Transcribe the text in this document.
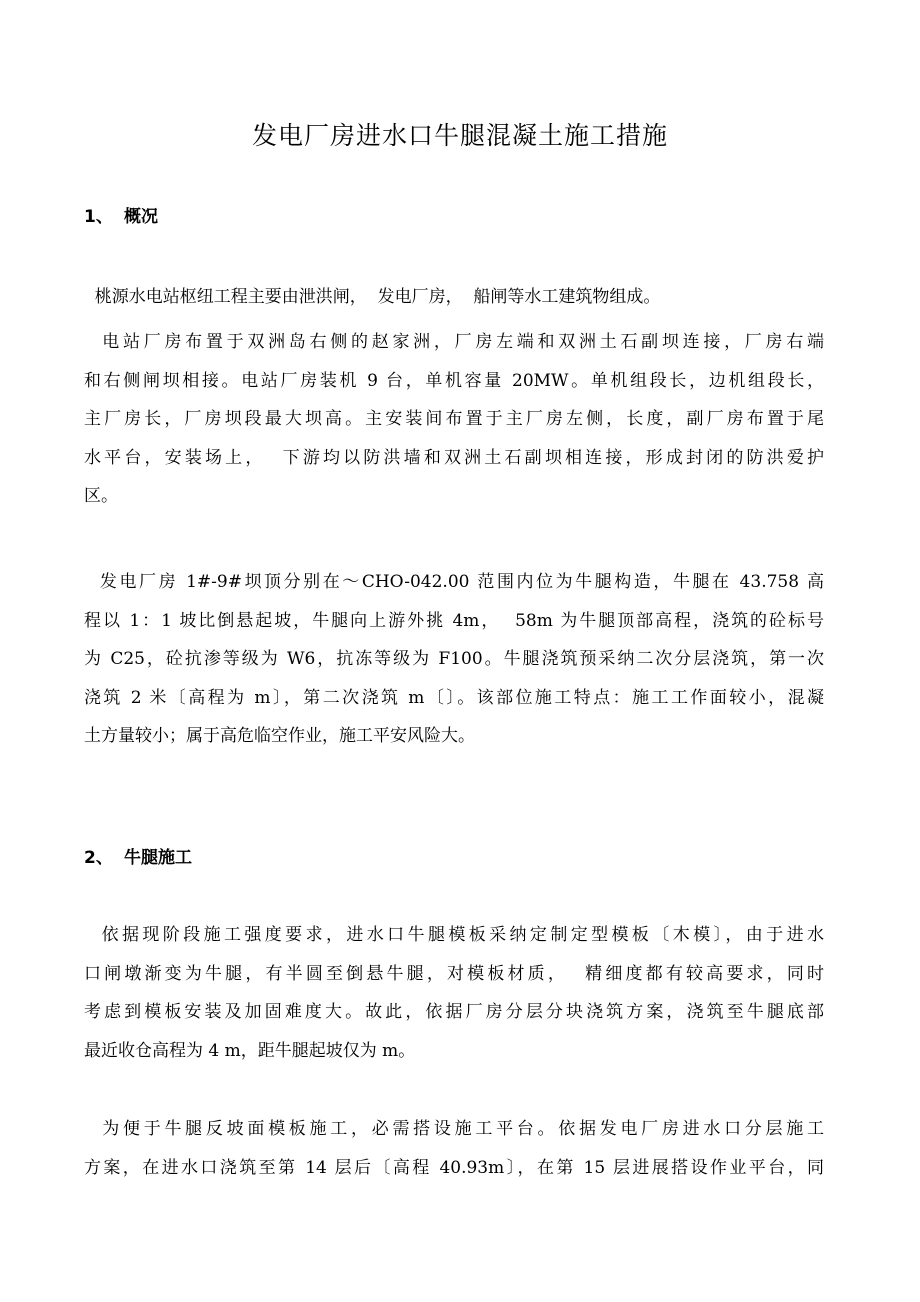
发电厂房进水口牛腿混凝土施工措施
1、 概况
桃源水电站枢纽工程主要由泄洪闸，  发电厂房，  船闸等水工建筑物组成。
电站厂房布置于双洲岛右侧的赵家洲，厂房左端和双洲土石副坝连接，厂房右端
和右侧闸坝相接。电站厂房装机 9 台，单机容量 20MW。单机组段长，边机组段长，
主厂房长，厂房坝段最大坝高。主安装间布置于主厂房左侧，长度，副厂房布置于尾
水平台，安装场上，  下游均以防洪墙和双洲土石副坝相连接，形成封闭的防洪爱护
区。
发电厂房 1#-9#坝顶分别在～CHO-042.00 范围内位为牛腿构造，牛腿在 43.758 高
程以 1：1 坡比倒悬起坡，牛腿向上游外挑 4m，  58m 为牛腿顶部高程，浇筑的砼标号
为 C25，砼抗渗等级为 W6，抗冻等级为 F100。牛腿浇筑预采纳二次分层浇筑，第一次
浇筑 2 米〔高程为 m〕，第二次浇筑 m〔〕。该部位施工特点：施工工作面较小，混凝
土方量较小；属于高危临空作业，施工平安风险大。
2、 牛腿施工
依据现阶段施工强度要求，进水口牛腿模板采纳定制定型模板〔木模〕，由于进水
口闸墩渐变为牛腿，有半圆至倒悬牛腿，对模板材质，  精细度都有较高要求，同时
考虑到模板安装及加固难度大。故此，依据厂房分层分块浇筑方案，浇筑至牛腿底部
最近收仓高程为 4 m，距牛腿起坡仅为 m。
为便于牛腿反坡面模板施工，必需搭设施工平台。依据发电厂房进水口分层施工
方案，在进水口浇筑至第 14 层后〔高程 40.93m〕，在第 15 层进展搭设作业平台，同
